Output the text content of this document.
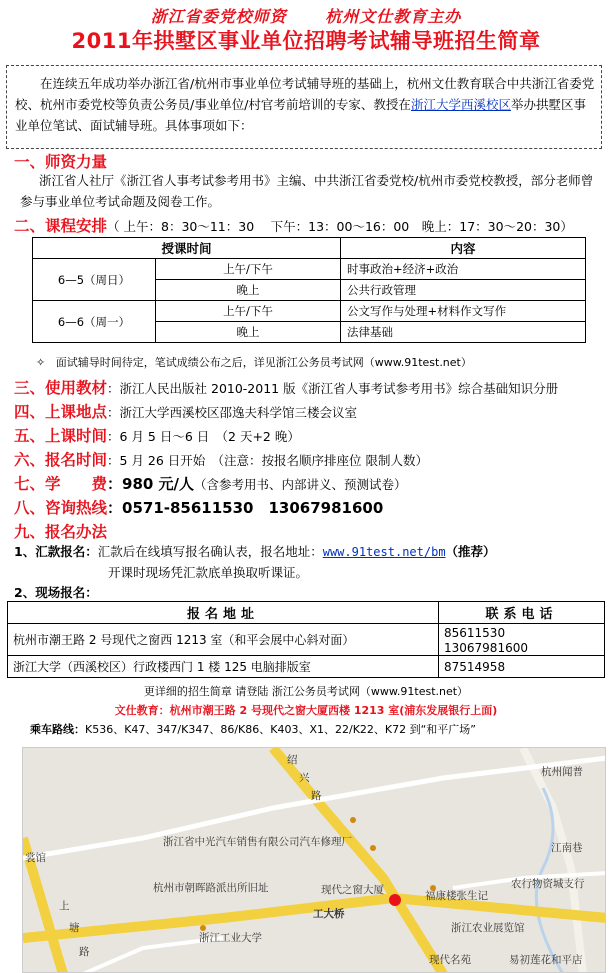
浙江省委党校师资 杭州文仕教育主办
2011年拱墅区事业单位招聘考试辅导班招生简章
在连续五年成功举办浙江省/杭州市事业单位考试辅导班的基础上，杭州文仕教育联合中共浙江省委党校、杭州市委党校等负责公务员/事业单位/村官考前培训的专家、教授在浙江大学西溪校区举办拱墅区事业单位笔试、面试辅导班。具体事项如下：
一、师资力量
浙江省人社厅《浙江省人事考试参考用书》主编、中共浙江省委党校/杭州市委党校教授，部分老师曾参与事业单位考试命题及阅卷工作。
二、课程安排（ 上午：8：30～11：30　 下午：13：00～16：00　晚上：17：30～20：30）
授课时间		内容
6—5（周日）	上午/下午	时事政治+经济+政治
	晚上	公共行政管理
6—6（周一）	上午/下午	公文写作与处理+材料作文写作
	晚上	法律基础
✧ 面试辅导时间待定，笔试成绩公布之后，详见浙江公务员考试网（www.91test.net）
三、使用教材：浙江人民出版社 2010-2011 版《浙江省人事考试参考用书》综合基础知识分册
四、上课地点：浙江大学西溪校区邵逸夫科学馆三楼会议室
五、上课时间：6 月 5 日～6 日　（2 天+2 晚）
六、报名时间：5 月 26 日开始　（注意：按报名顺序排座位 限制人数）
七、学　　费：980 元/人（含参考用书、内部讲义、预测试卷）
八、咨询热线：0571-85611530　13067981600
九、报名办法
1、汇款报名：汇款后在线填写报名确认表，报名地址：www.91test.net/bm（推荐）
开课时现场凭汇款底单换取听课证。
2、现场报名：
报名地址	联系电话
杭州市潮王路 2 号现代之窗西 1213 室（和平会展中心斜对面）	85611530　13067981600
浙江大学（西溪校区）行政楼西门 1 楼 125 电脑排版室	87514958
更详细的招生简章 请登陆 浙江公务员考试网（www.91test.net）
文仕教育：杭州市潮王路 2 号现代之窗大厦西楼 1213 室(浦东发展银行上面)
乘车路线：K536、K47、347/K347、86/K86、K403、X1、22/K22、K72 到“和平广场”
绍
兴
路
杭州闻普
浙江省中光汽车销售有限公司汽车修理厂	江南巷
杭州市朝晖路派出所旧址	现代之窗大厦	福康楼张生记
农行物资城支行
上
塘
路
工大桥
浙江工业大学
浙江农业展览馆
现代名苑	易初莲花和平店
裳馆
